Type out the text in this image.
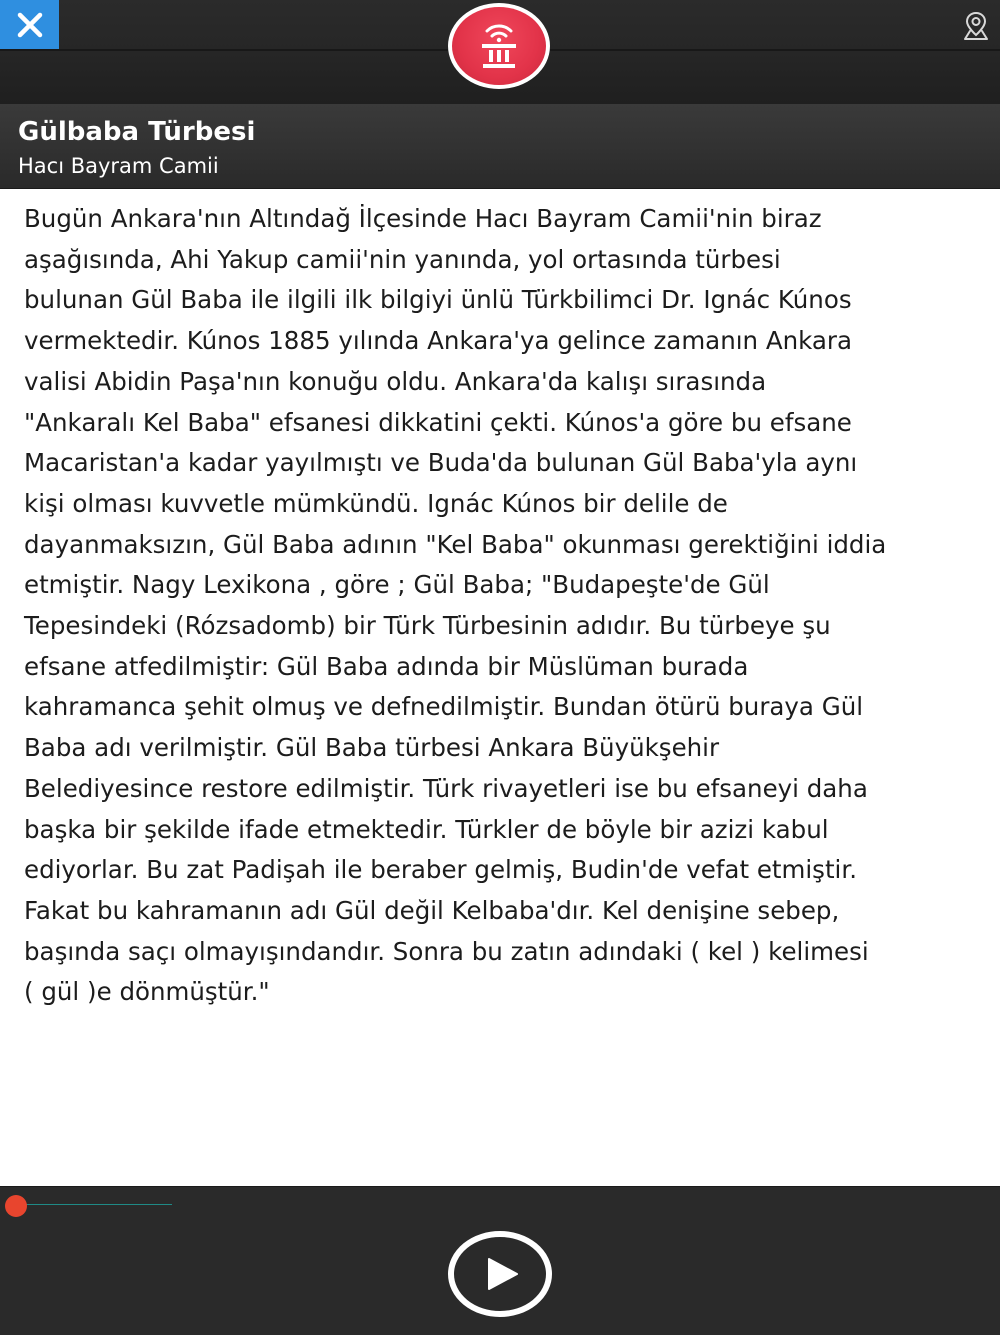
Gülbaba Türbesi
Hacı Bayram Camii
Bugün Ankara'nın Altındağ İlçesinde Hacı Bayram Camii'nin biraz
aşağısında, Ahi Yakup camii'nin yanında, yol ortasında türbesi
bulunan Gül Baba ile ilgili ilk bilgiyi ünlü Türkbilimci Dr. Ignác Kúnos
vermektedir. Kúnos 1885 yılında Ankara'ya gelince zamanın Ankara
valisi Abidin Paşa'nın konuğu oldu. Ankara'da kalışı sırasında
"Ankaralı Kel Baba" efsanesi dikkatini çekti. Kúnos'a göre bu efsane
Macaristan'a kadar yayılmıştı ve Buda'da bulunan Gül Baba'yla aynı
kişi olması kuvvetle mümkündü. Ignác Kúnos bir delile de
dayanmaksızın, Gül Baba adının "Kel Baba" okunması gerektiğini iddia
etmiştir. Nagy Lexikona , göre ; Gül Baba; "Budapeşte'de Gül
Tepesindeki (Rózsadomb) bir Türk Türbesinin adıdır. Bu türbeye şu
efsane atfedilmiştir: Gül Baba adında bir Müslüman burada
kahramanca şehit olmuş ve defnedilmiştir. Bundan ötürü buraya Gül
Baba adı verilmiştir. Gül Baba türbesi Ankara Büyükşehir
Belediyesince restore edilmiştir. Türk rivayetleri ise bu efsaneyi daha
başka bir şekilde ifade etmektedir. Türkler de böyle bir azizi kabul
ediyorlar. Bu zat Padişah ile beraber gelmiş, Budin'de vefat etmiştir.
Fakat bu kahramanın adı Gül değil Kelbaba'dır. Kel denişine sebep,
başında saçı olmayışındandır. Sonra bu zatın adındaki ( kel ) kelimesi
( gül )e dönmüştür."
